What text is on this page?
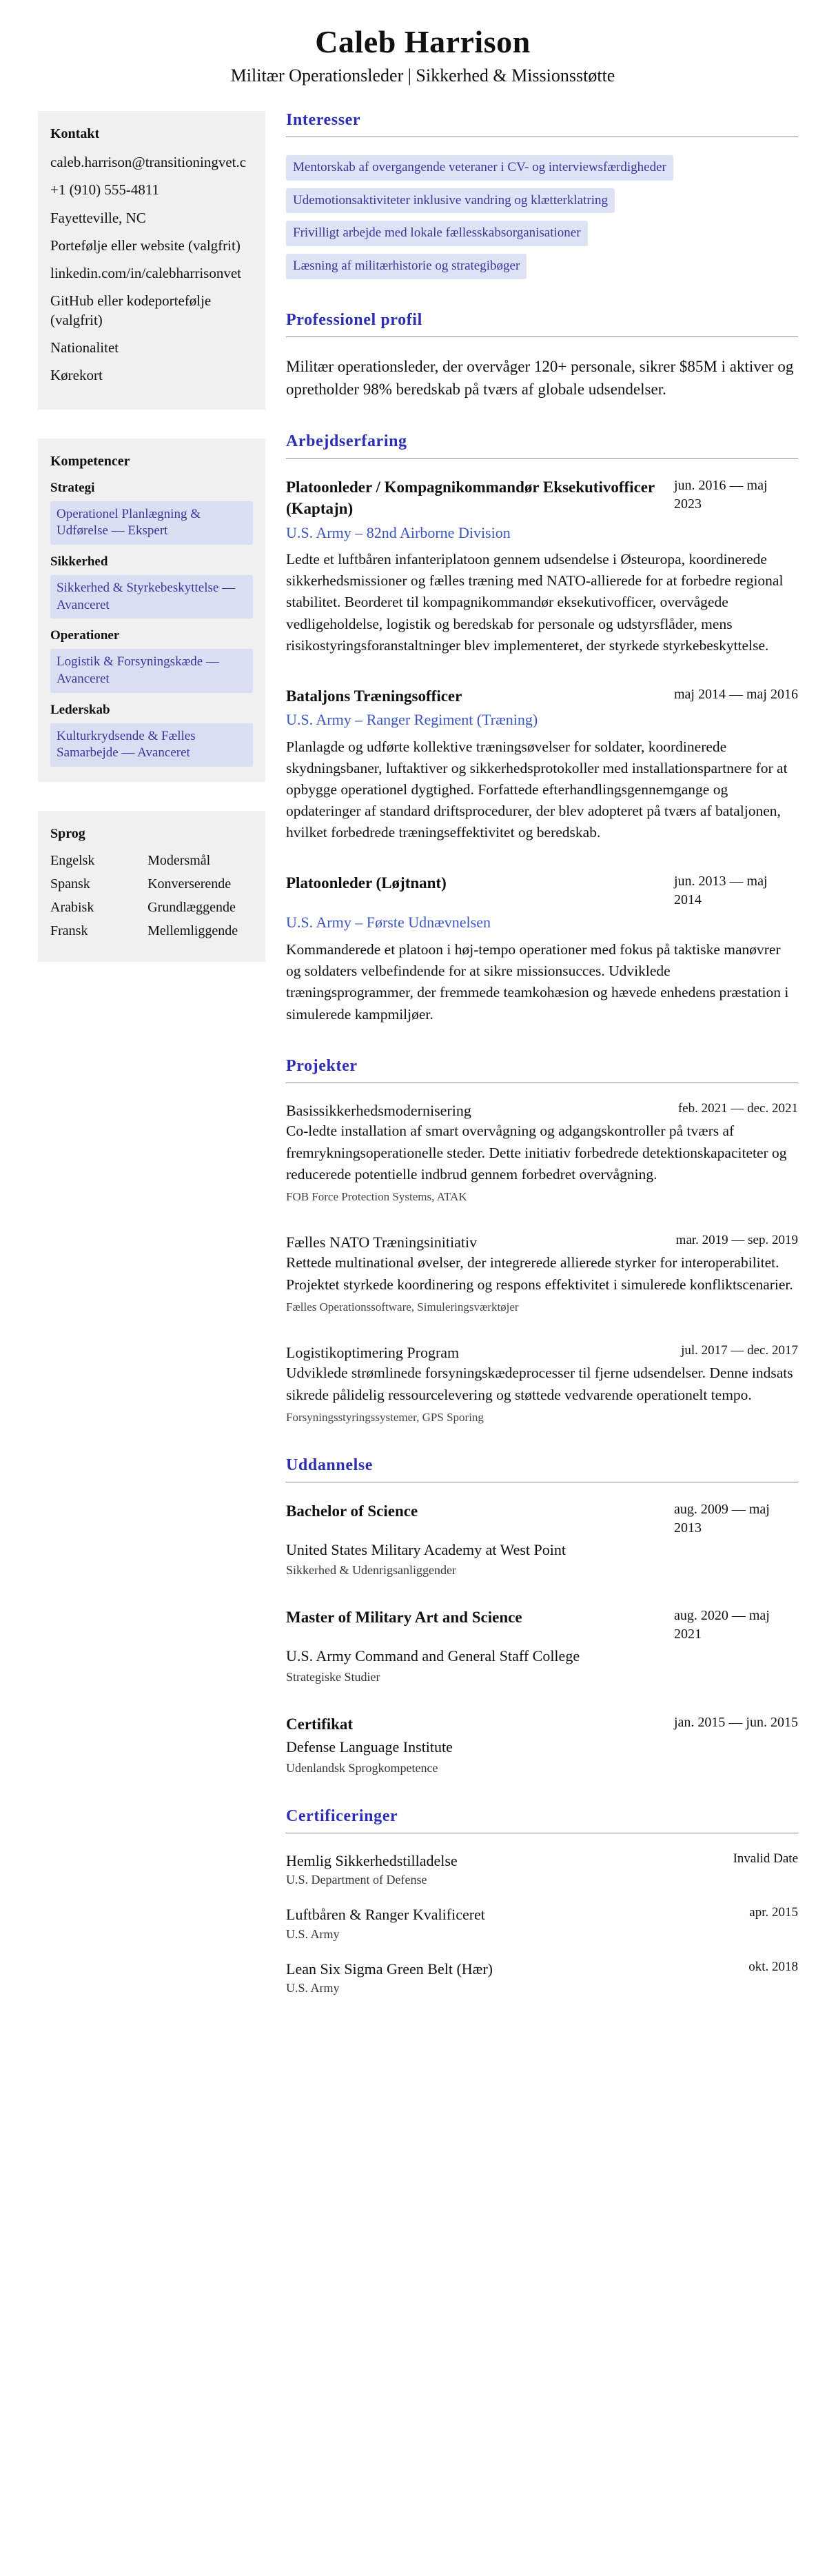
Caleb Harrison
Militær Operationsleder | Sikkerhed & Missionsstøtte
Kontakt
caleb.harrison@transitioningvet.c
+1 (910) 555-4811
Fayetteville, NC
Portefølje eller website (valgfrit)
linkedin.com/in/calebharrisonvet
GitHub eller kodeportefølje (valgfrit)
Nationalitet
Kørekort
Kompetencer
Strategi
Operationel Planlægning & Udførelse — Ekspert
Sikkerhed
Sikkerhed & Styrkebeskyttelse — Avanceret
Operationer
Logistik & Forsyningskæde — Avanceret
Lederskab
Kulturkrydsende & Fælles Samarbejde — Avanceret
Sprog
Engelsk	Modersmål
Spansk	Konverserende
Arabisk	Grundlæggende
Fransk	Mellemliggende
Interesser
Mentorskab af overgangende veteraner i CV- og interviewsfærdigheder
Udemotionsaktiviteter inklusive vandring og klætterklatring
Frivilligt arbejde med lokale fællesskabsorganisationer
Læsning af militærhistorie og strategibøger
Professionel profil
Militær operationsleder, der overvåger 120+ personale, sikrer $85M i aktiver og opretholder 98% beredskab på tværs af globale udsendelser.
Arbejdserfaring
Platoonleder / Kompagnikommandør Eksekutivofficer (Kaptajn)
jun. 2016 — maj 2023
U.S. Army – 82nd Airborne Division
Ledte et luftbåren infanteriplatoon gennem udsendelse i Østeuropa, koordinerede sikkerhedsmissioner og fælles træning med NATO-allierede for at forbedre regional stabilitet. Beorderet til kompagnikommandør eksekutivofficer, overvågede vedligeholdelse, logistik og beredskab for personale og udstyrsflåder, mens risikostyringsforanstaltninger blev implementeret, der styrkede styrkebeskyttelse.
Bataljons Træningsofficer	maj 2014 — maj 2016
U.S. Army – Ranger Regiment (Træning)
Planlagde og udførte kollektive træningsøvelser for soldater, koordinerede skydningsbaner, luftaktiver og sikkerhedsprotokoller med installationspartnere for at opbygge operationel dygtighed. Forfattede efterhandlingsgennemgange og opdateringer af standard driftsprocedurer, der blev adopteret på tværs af bataljonen, hvilket forbedrede træningseffektivitet og beredskab.
Platoonleder (Løjtnant)	jun. 2013 — maj 2014
U.S. Army – Første Udnævnelsen
Kommanderede et platoon i høj-tempo operationer med fokus på taktiske manøvrer og soldaters velbefindende for at sikre missionsucces. Udviklede træningsprogrammer, der fremmede teamkohæsion og hævede enhedens præstation i simulerede kampmiljøer.
Projekter
Basissikkerhedsmodernisering	feb. 2021 — dec. 2021
Co-ledte installation af smart overvågning og adgangskontroller på tværs af fremrykningsoperationelle steder. Dette initiativ forbedrede detektionskapaciteter og reducerede potentielle indbrud gennem forbedret overvågning.
FOB Force Protection Systems, ATAK
Fælles NATO Træningsinitiativ	mar. 2019 — sep. 2019
Rettede multinational øvelser, der integrerede allierede styrker for interoperabilitet. Projektet styrkede koordinering og respons effektivitet i simulerede konfliktscenarier.
Fælles Operationssoftware, Simuleringsværktøjer
Logistikoptimering Program	jul. 2017 — dec. 2017
Udviklede strømlinede forsyningskædeprocesser til fjerne udsendelser. Denne indsats sikrede pålidelig ressourcelevering og støttede vedvarende operationelt tempo.
Forsyningsstyringssystemer, GPS Sporing
Uddannelse
Bachelor of Science	aug. 2009 — maj 2013
United States Military Academy at West Point
Sikkerhed & Udenrigsanliggender
Master of Military Art and Science	aug. 2020 — maj 2021
U.S. Army Command and General Staff College
Strategiske Studier
Certifikat	jan. 2015 — jun. 2015
Defense Language Institute
Udenlandsk Sprogkompetence
Certificeringer
Hemlig Sikkerhedstilladelse	Invalid Date
U.S. Department of Defense
Luftbåren & Ranger Kvalificeret	apr. 2015
U.S. Army
Lean Six Sigma Green Belt (Hær)	okt. 2018
U.S. Army
